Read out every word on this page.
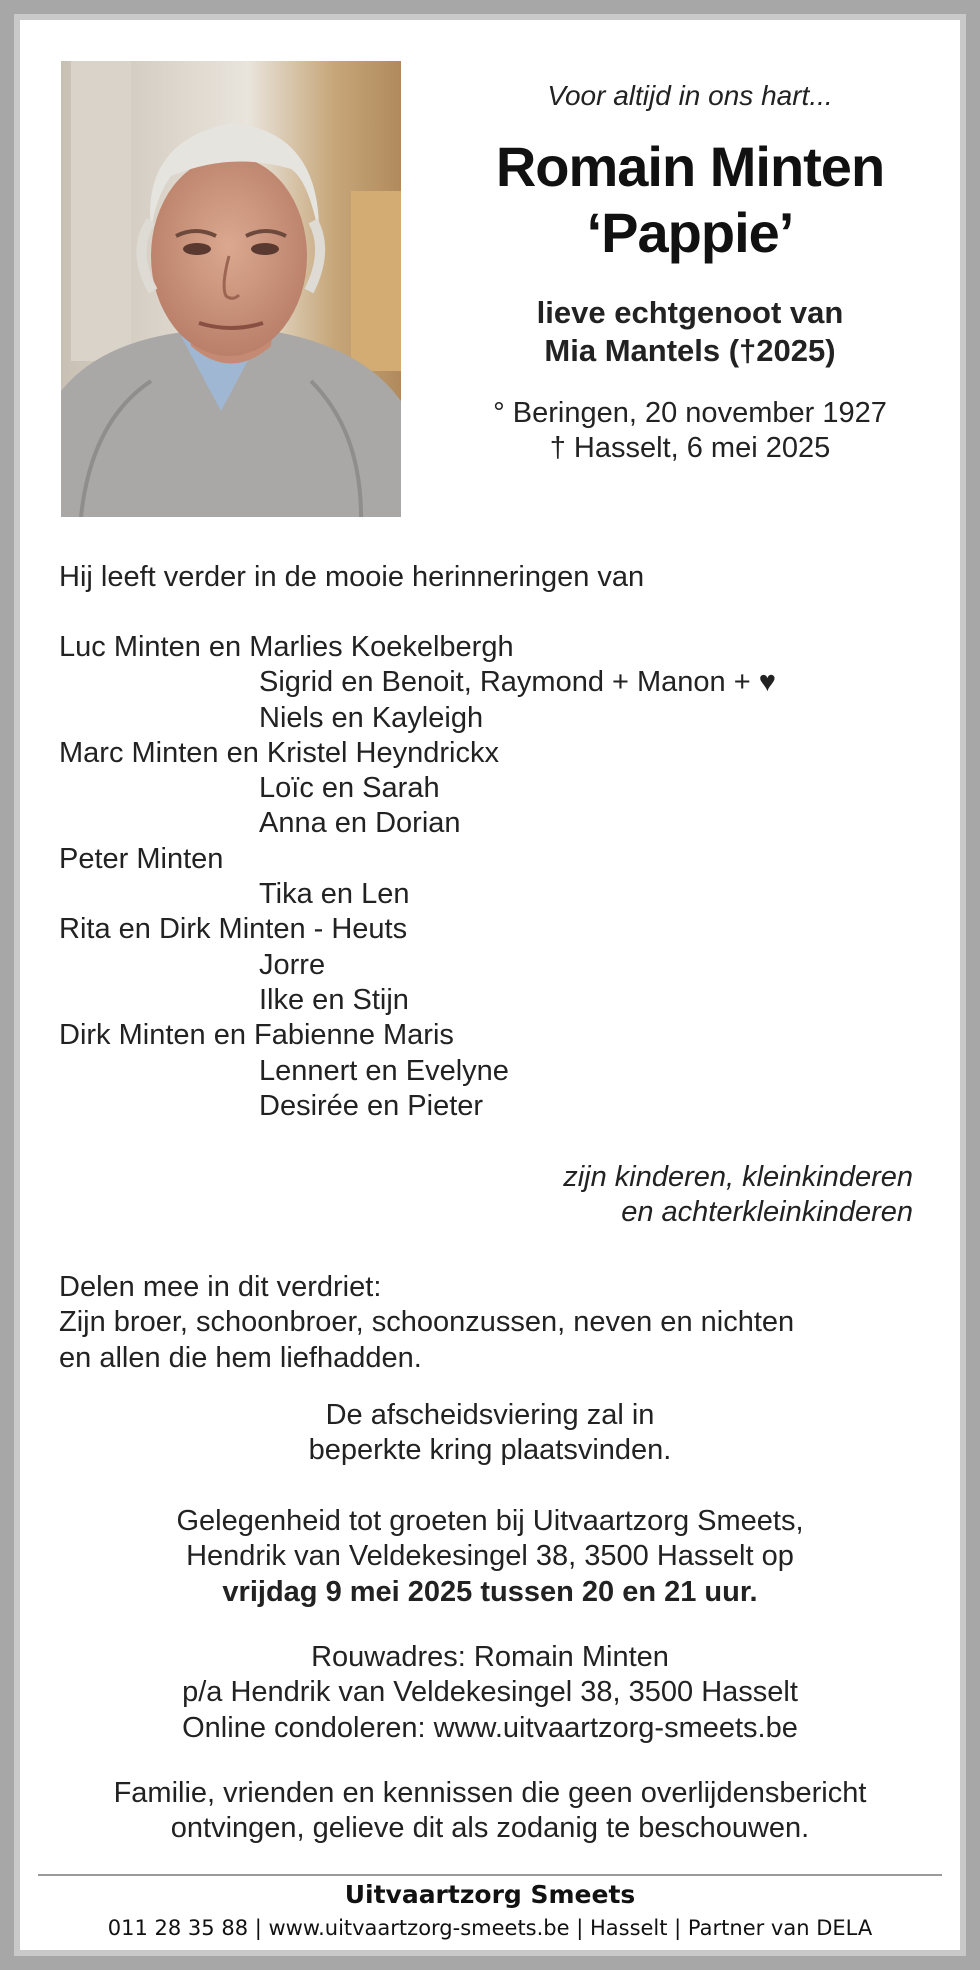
Voor altijd in ons hart...
Romain Minten
‘Pappie’
lieve echtgenoot van
Mia Mantels (†2025)
° Beringen, 20 november 1927
† Hasselt, 6 mei 2025
Hij leeft verder in de mooie herinneringen van
Luc Minten en Marlies Koekelbergh
Sigrid en Benoit, Raymond + Manon + ♥
Niels en Kayleigh
Marc Minten en Kristel Heyndrickx
Loïc en Sarah
Anna en Dorian
Peter Minten
Tika en Len
Rita en Dirk Minten - Heuts
Jorre
Ilke en Stijn
Dirk Minten en Fabienne Maris
Lennert en Evelyne
Desirée en Pieter
zijn kinderen, kleinkinderen
en achterkleinkinderen
Delen mee in dit verdriet:
Zijn broer, schoonbroer, schoonzussen, neven en nichten
en allen die hem liefhadden.
De afscheidsviering zal in
beperkte kring plaatsvinden.
Gelegenheid tot groeten bij Uitvaartzorg Smeets,
Hendrik van Veldekesingel 38, 3500 Hasselt op
vrijdag 9 mei 2025 tussen 20 en 21 uur.
Rouwadres: Romain Minten
p/a Hendrik van Veldekesingel 38, 3500 Hasselt
Online condoleren: www.uitvaartzorg-smeets.be
Familie, vrienden en kennissen die geen overlijdensbericht
ontvingen, gelieve dit als zodanig te beschouwen.
Uitvaartzorg Smeets
011 28 35 88 | www.uitvaartzorg-smeets.be | Hasselt | Partner van DELA
